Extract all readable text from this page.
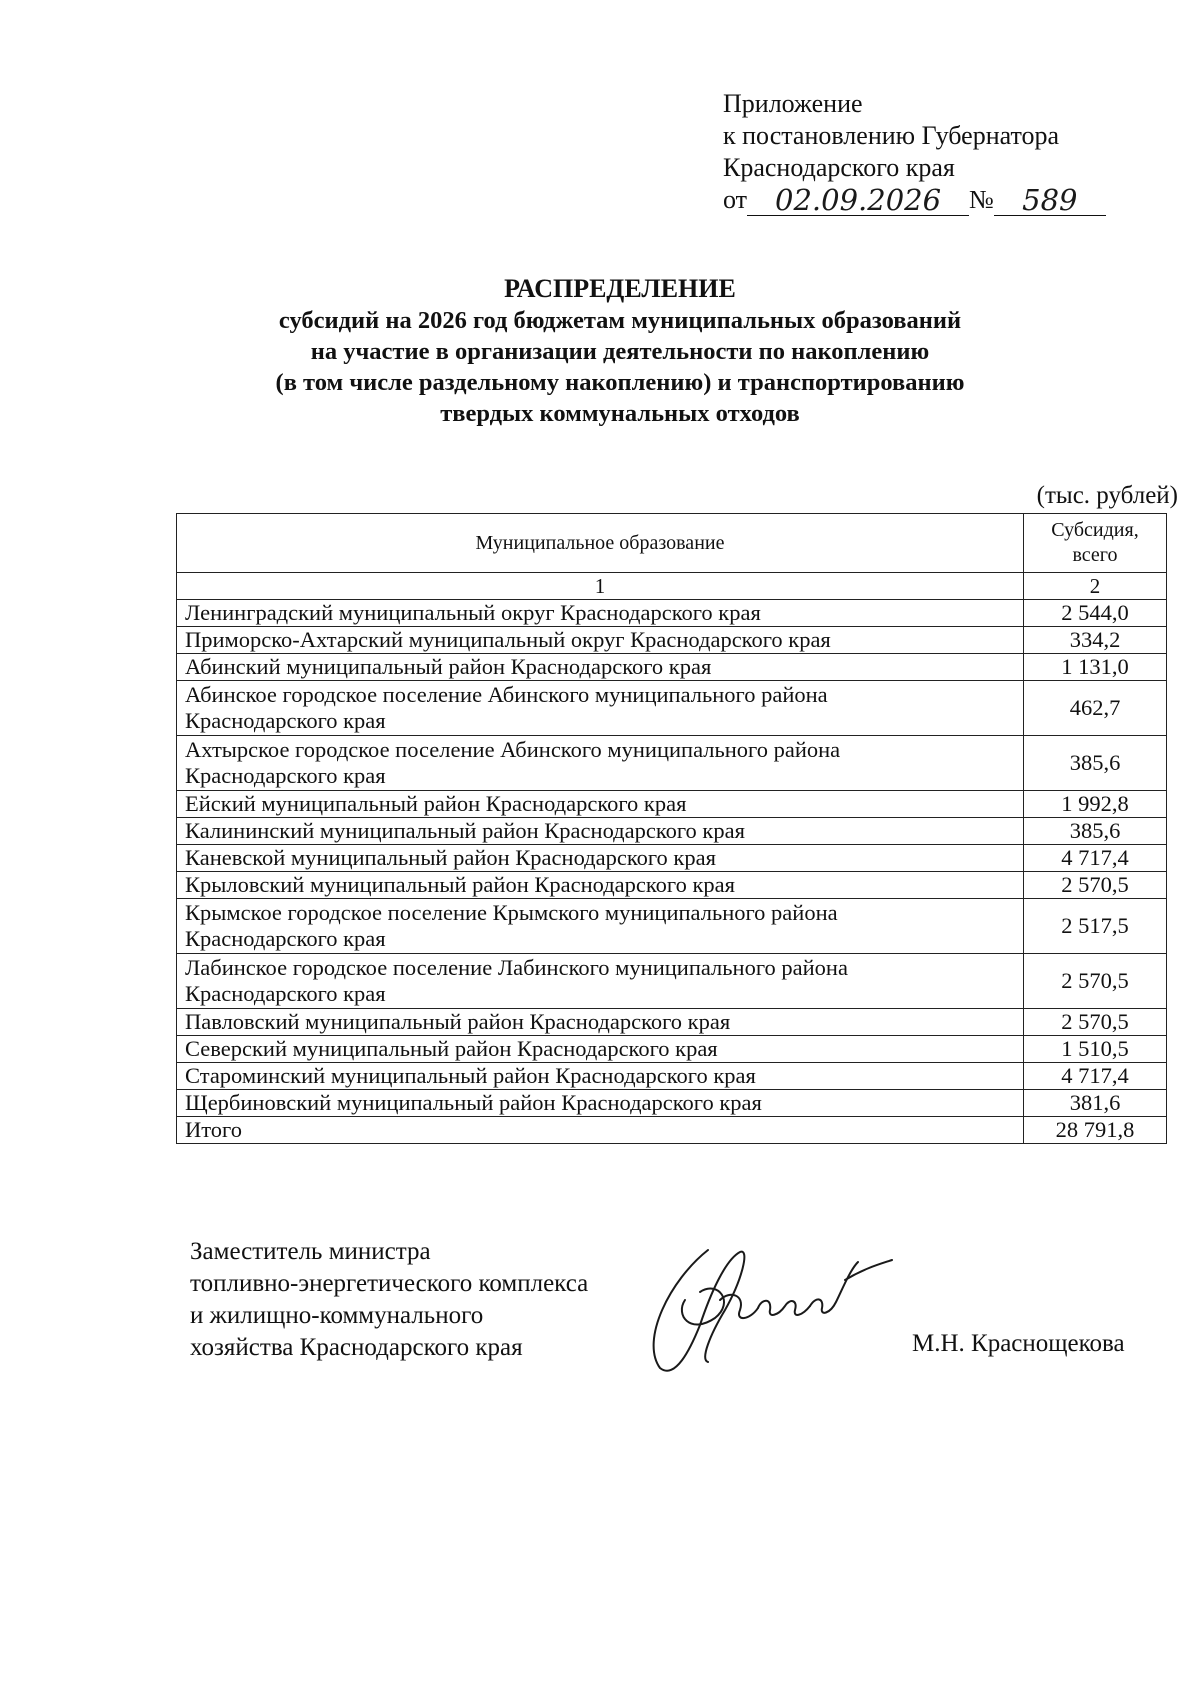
Приложение
к постановлению Губернатора
Краснодарского края
от 02.09.2026	№ 589
РАСПРЕДЕЛЕНИЕ
субсидий на 2026 год бюджетам муниципальных образований
на участие в организации деятельности по накоплению
(в том числе раздельному накоплению) и транспортированию
твердых коммунальных отходов
(тыс. рублей)
Муниципальное образование	Субсидия,
всего

1	2
Ленинградский муниципальный округ Краснодарского края	2 544,0
Приморско-Ахтарский муниципальный округ Краснодарского края	334,2
Абинский муниципальный район Краснодарского края	1 131,0

Абинское городское поселение Абинского муниципального района
Краснодарского края	462,7

Ахтырское городское поселение Абинского муниципального района
Краснодарского края	385,6
Ейский муниципальный район Краснодарского края	1 992,8
Калининский муниципальный район Краснодарского края	385,6
Каневской муниципальный район Краснодарского края	4 717,4
Крыловский муниципальный район Краснодарского края	2 570,5

Крымское городское поселение Крымского муниципального района
Краснодарского края	2 517,5

Лабинское городское поселение Лабинского муниципального района
Краснодарского края	2 570,5
Павловский муниципальный район Краснодарского края	2 570,5
Северский муниципальный район Краснодарского края	1 510,5
Староминский муниципальный район Краснодарского края	4 717,4
Щербиновский муниципальный район Краснодарского края	381,6
Итого	28 791,8
Заместитель министра
топливно-энергетического комплекса
и жилищно-коммунального
хозяйства Краснодарского края	М.Н. Краснощекова
